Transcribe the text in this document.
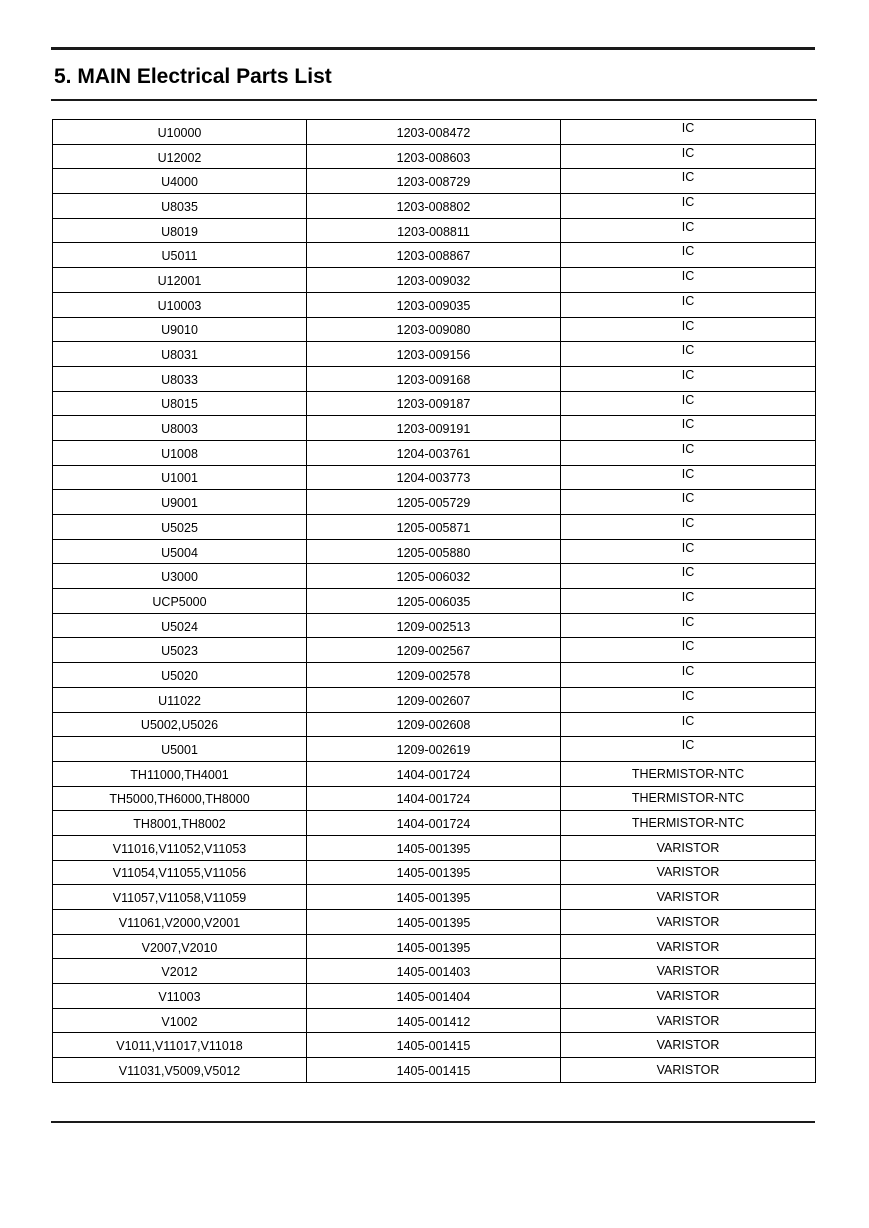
5. MAIN Electrical Parts List
U10000	1203-008472	IC
U12002	1203-008603	IC
U4000	1203-008729	IC
U8035	1203-008802	IC
U8019	1203-008811	IC
U5011	1203-008867	IC
U12001	1203-009032	IC
U10003	1203-009035	IC
U9010	1203-009080	IC
U8031	1203-009156	IC
U8033	1203-009168	IC
U8015	1203-009187	IC
U8003	1203-009191	IC
U1008	1204-003761	IC
U1001	1204-003773	IC
U9001	1205-005729	IC
U5025	1205-005871	IC
U5004	1205-005880	IC
U3000	1205-006032	IC
UCP5000	1205-006035	IC
U5024	1209-002513	IC
U5023	1209-002567	IC
U5020	1209-002578	IC
U11022	1209-002607	IC
U5002,U5026	1209-002608	IC
U5001	1209-002619	IC
TH11000,TH4001	1404-001724	THERMISTOR-NTC
TH5000,TH6000,TH8000	1404-001724	THERMISTOR-NTC
TH8001,TH8002	1404-001724	THERMISTOR-NTC
V11016,V11052,V11053	1405-001395	VARISTOR
V11054,V11055,V11056	1405-001395	VARISTOR
V11057,V11058,V11059	1405-001395	VARISTOR
V11061,V2000,V2001	1405-001395	VARISTOR
V2007,V2010	1405-001395	VARISTOR
V2012	1405-001403	VARISTOR
V11003	1405-001404	VARISTOR
V1002	1405-001412	VARISTOR
V1011,V11017,V11018	1405-001415	VARISTOR
V11031,V5009,V5012	1405-001415	VARISTOR
